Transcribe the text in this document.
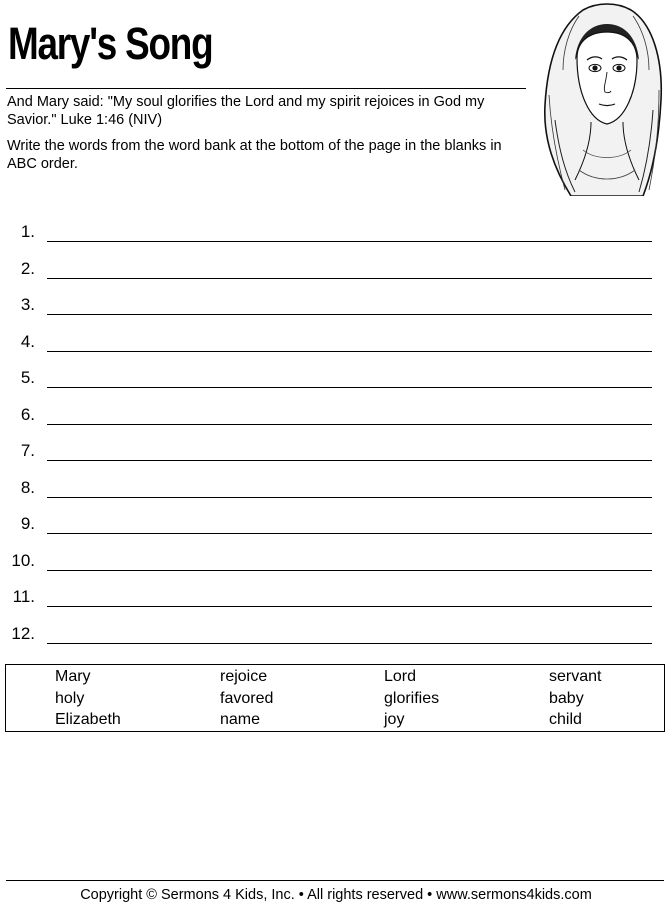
Mary's Song
And Mary said: "My soul glorifies the Lord and my spirit rejoices in God my Savior." Luke 1:46 (NIV)
Write the words from the word bank at the bottom of the page in the blanks in ABC order.
1.
2.
3.
4.
5.
6.
7.
8.
9.
10.
11.
12.
Mary
holy
Elizabeth
rejoice
favored
name
Lord
glorifies
joy
servant
baby
child
Copyright © Sermons 4 Kids, Inc. • All rights reserved • www.sermons4kids.com
